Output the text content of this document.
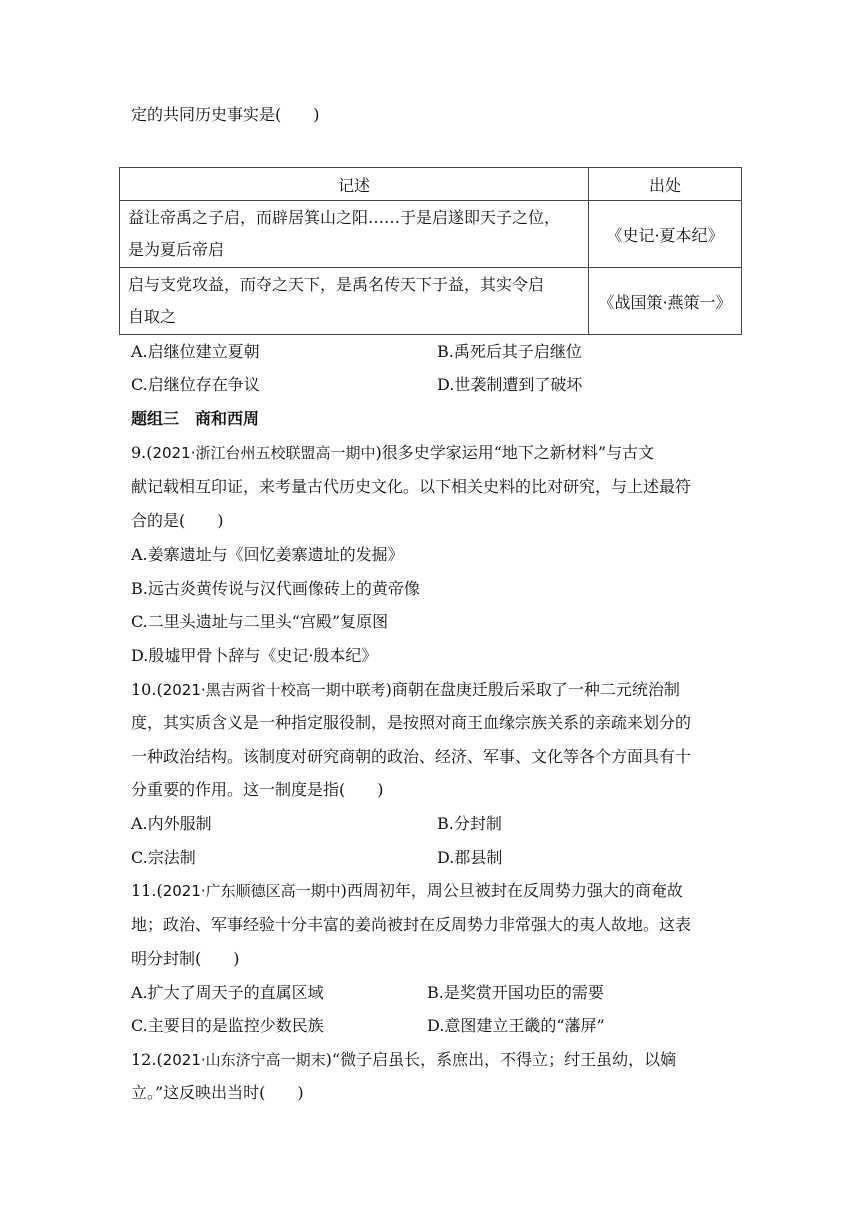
定的共同历史事实是(　　)
记述	出处

益让帝禹之子启，而辟居箕山之阳……于是启遂即天子之位，
是为夏后帝启	《史记·夏本纪》

启与支党攻益，而夺之天下，是禹名传天下于益，其实令启
自取之	《战国策·燕策一》
A.启继位建立夏朝	B.禹死后其子启继位
C.启继位存在争议	D.世袭制遭到了破坏
题组三　商和西周
9.(2021·浙江台州五校联盟高一期中)很多史学家运用“地下之新材料”与古文
献记载相互印证，来考量古代历史文化。以下相关史料的比对研究，与上述最符
合的是(　　)
A.姜寨遗址与《回忆姜寨遗址的发掘》
B.远古炎黄传说与汉代画像砖上的黄帝像
C.二里头遗址与二里头“宫殿”复原图
D.殷墟甲骨卜辞与《史记·殷本纪》
10.(2021·黑吉两省十校高一期中联考)商朝在盘庚迁殷后采取了一种二元统治制
度，其实质含义是一种指定服役制，是按照对商王血缘宗族关系的亲疏来划分的
一种政治结构。该制度对研究商朝的政治、经济、军事、文化等各个方面具有十
分重要的作用。这一制度是指(　　)
A.内外服制	B.分封制
C.宗法制	D.郡县制
11.(2021·广东顺德区高一期中)西周初年，周公旦被封在反周势力强大的商奄故
地；政治、军事经验十分丰富的姜尚被封在反周势力非常强大的夷人故地。这表
明分封制(　　)
A.扩大了周天子的直属区域	B.是奖赏开国功臣的需要
C.主要目的是监控少数民族	D.意图建立王畿的“藩屏”
12.(2021·山东济宁高一期末)“微子启虽长，系庶出，不得立；纣王虽幼，以嫡
立。”这反映出当时(　　)
